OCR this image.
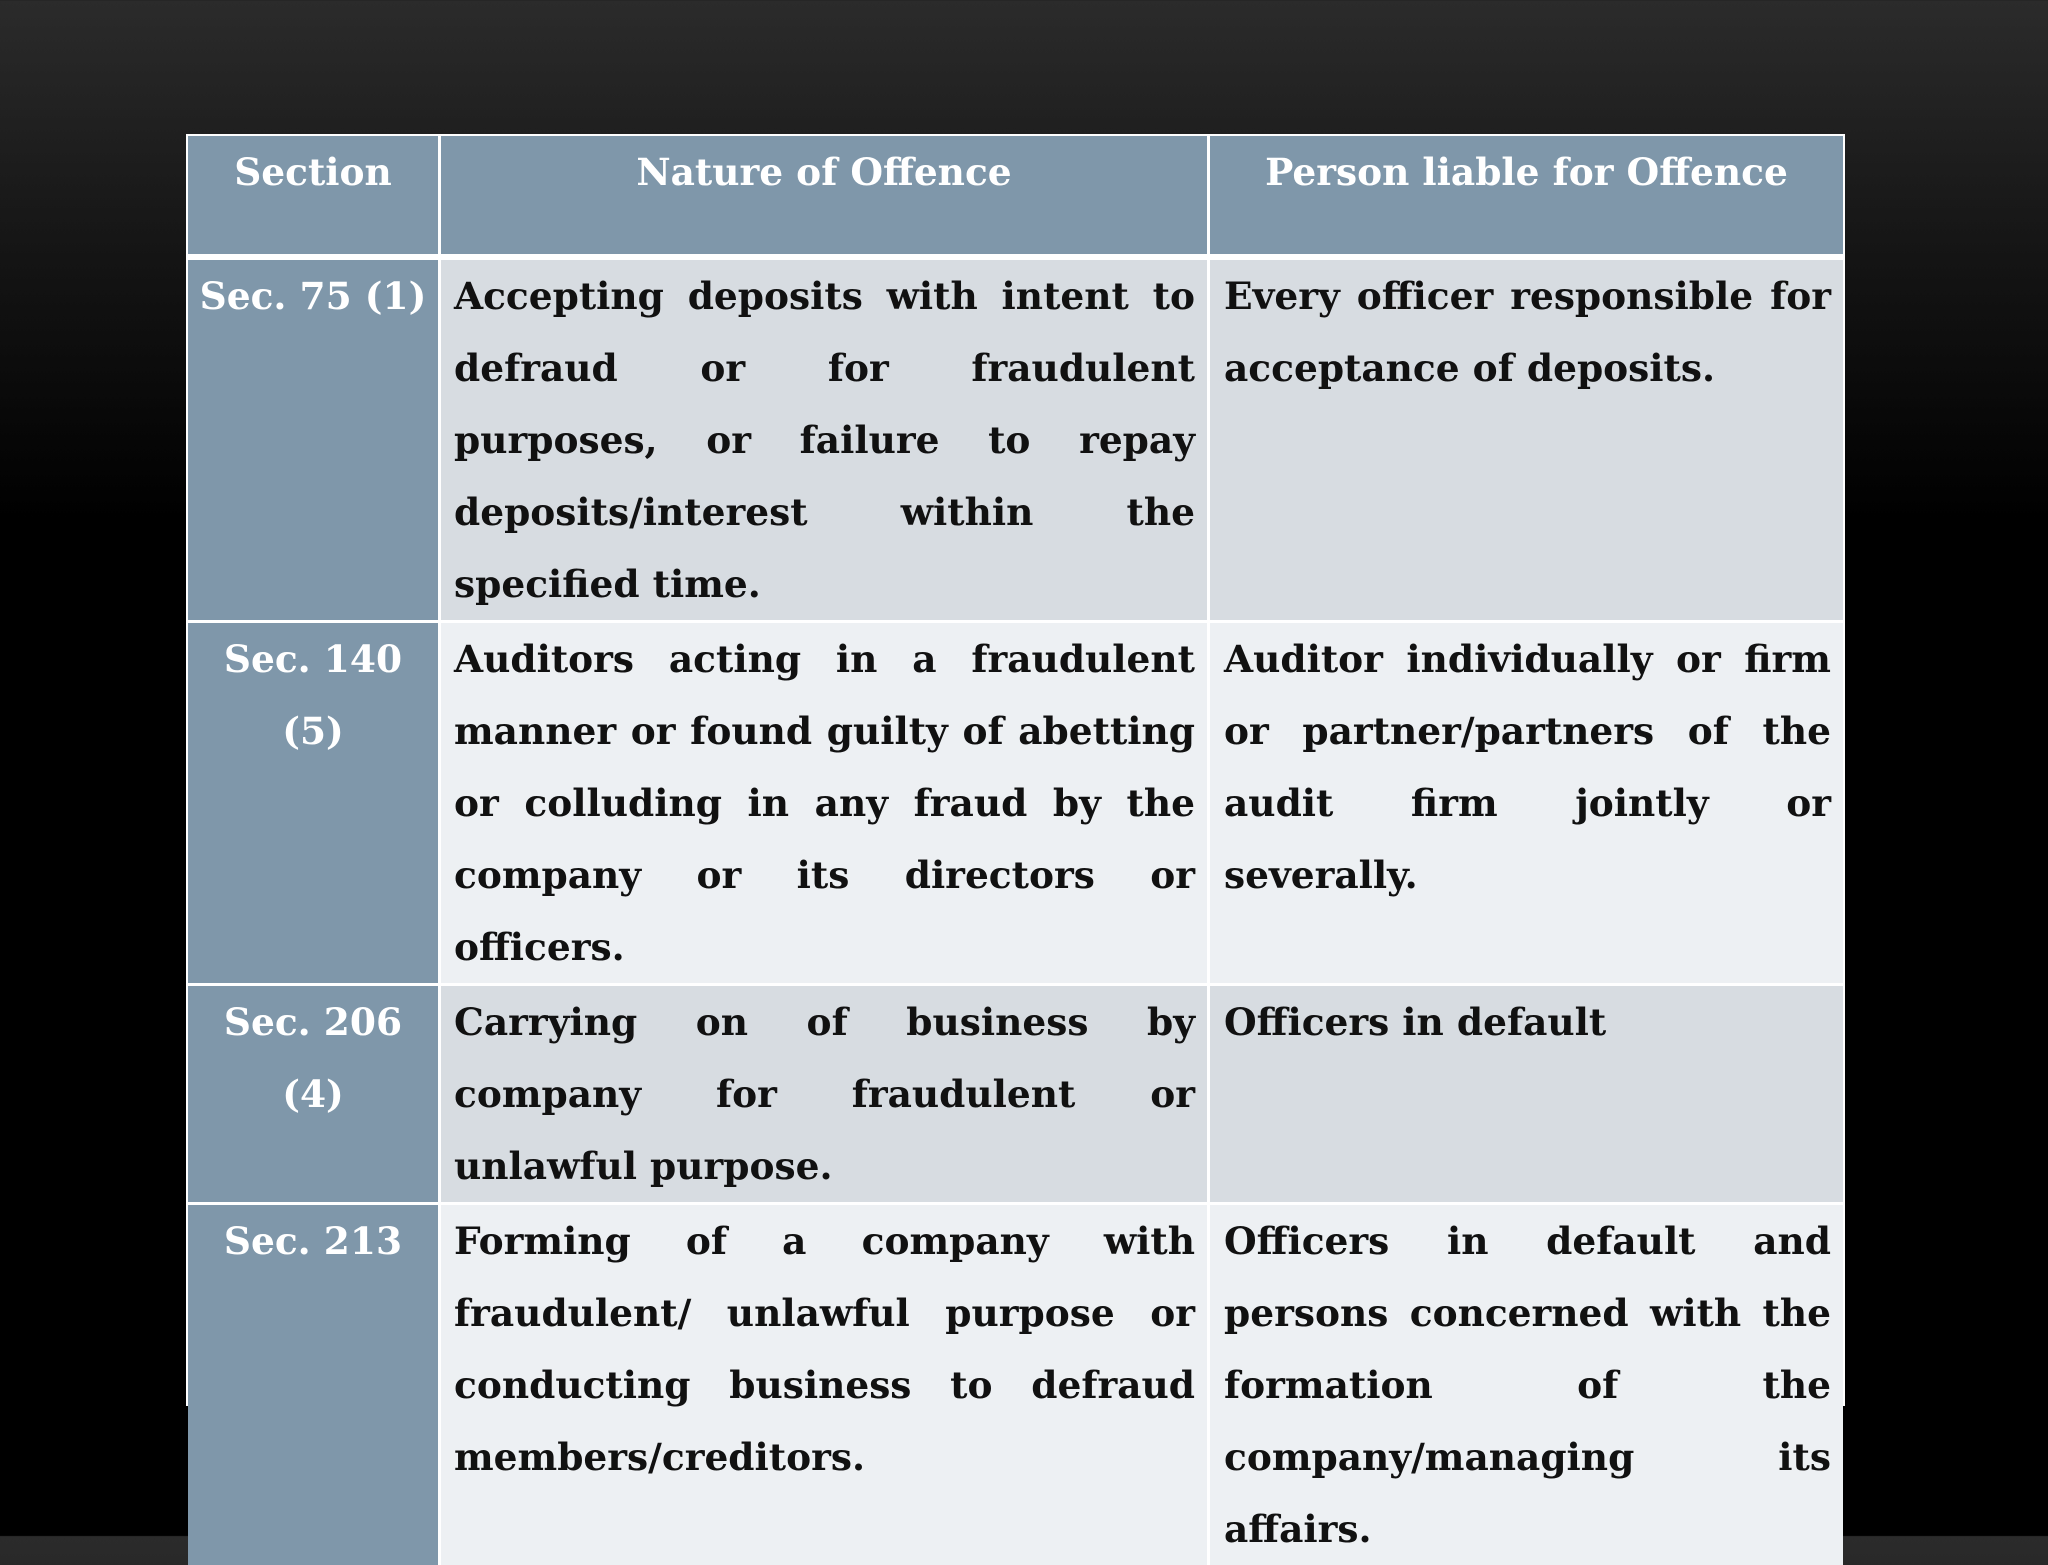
Section	Nature of Offence	Person liable for Offence

Sec. 75 (1)	Accepting deposits with intent to defraud or for fraudulent purposes, or failure to repay deposits/interest within the specified time.	Every officer responsible for acceptance of deposits.

Sec. 140 (5)	Auditors acting in a fraudulent manner or found guilty of abetting or colluding in any fraud by the company or its directors or officers.	Auditor individually or firm or partner/partners of the audit firm jointly or severally.

Sec. 206 (4)	Carrying on of business by company for fraudulent or unlawful purpose.	Officers in default

Sec. 213	Forming of a company with fraudulent/ unlawful purpose or conducting business to defraud members/creditors.	Officers in default and persons concerned with the formation of the company/managing its affairs.
